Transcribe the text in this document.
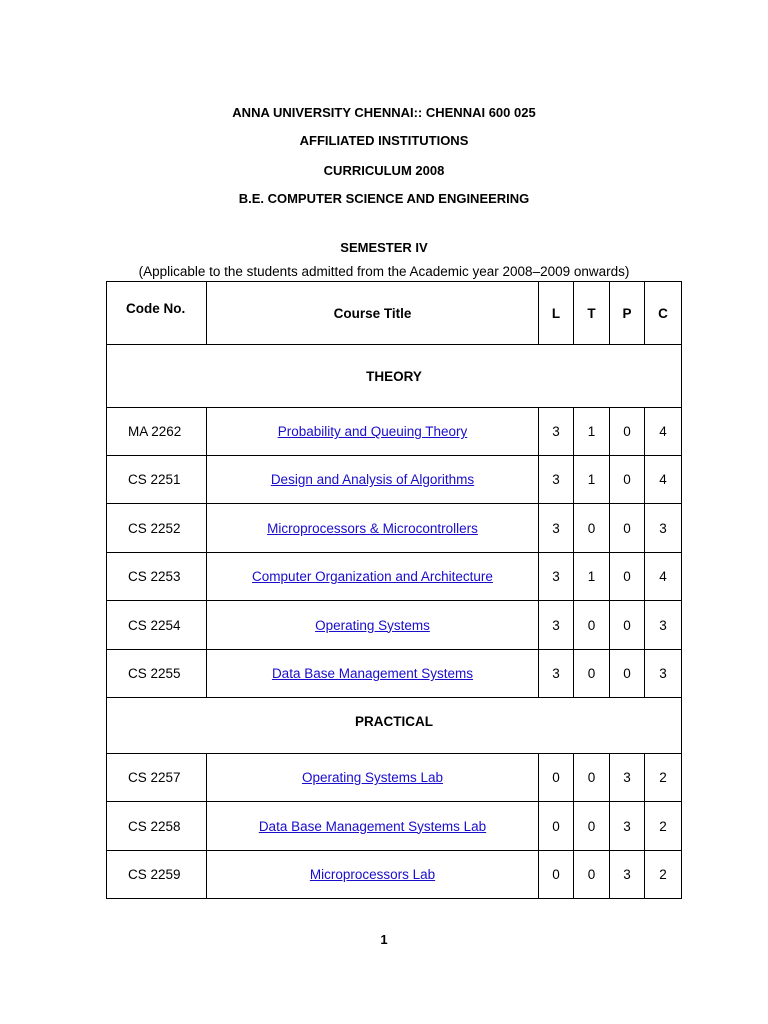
ANNA UNIVERSITY CHENNAI:: CHENNAI 600 025
AFFILIATED INSTITUTIONS
CURRICULUM 2008
B.E. COMPUTER SCIENCE AND ENGINEERING
SEMESTER IV
(Applicable to the students admitted from the Academic year 2008–2009 onwards)
Code No.	Course Title	L	T	P	C
THEORY					
MA 2262	Probability and Queuing Theory	3	1	0	4
CS 2251	Design and Analysis of Algorithms	3	1	0	4
CS 2252	Microprocessors & Microcontrollers	3	0	0	3
CS 2253	Computer Organization and Architecture	3	1	0	4
CS 2254	Operating Systems	3	0	0	3
CS 2255	Data Base Management Systems	3	0	0	3
PRACTICAL					
CS 2257	Operating Systems Lab	0	0	3	2
CS 2258	Data Base Management Systems Lab	0	0	3	2
CS 2259	Microprocessors Lab	0	0	3	2
1
